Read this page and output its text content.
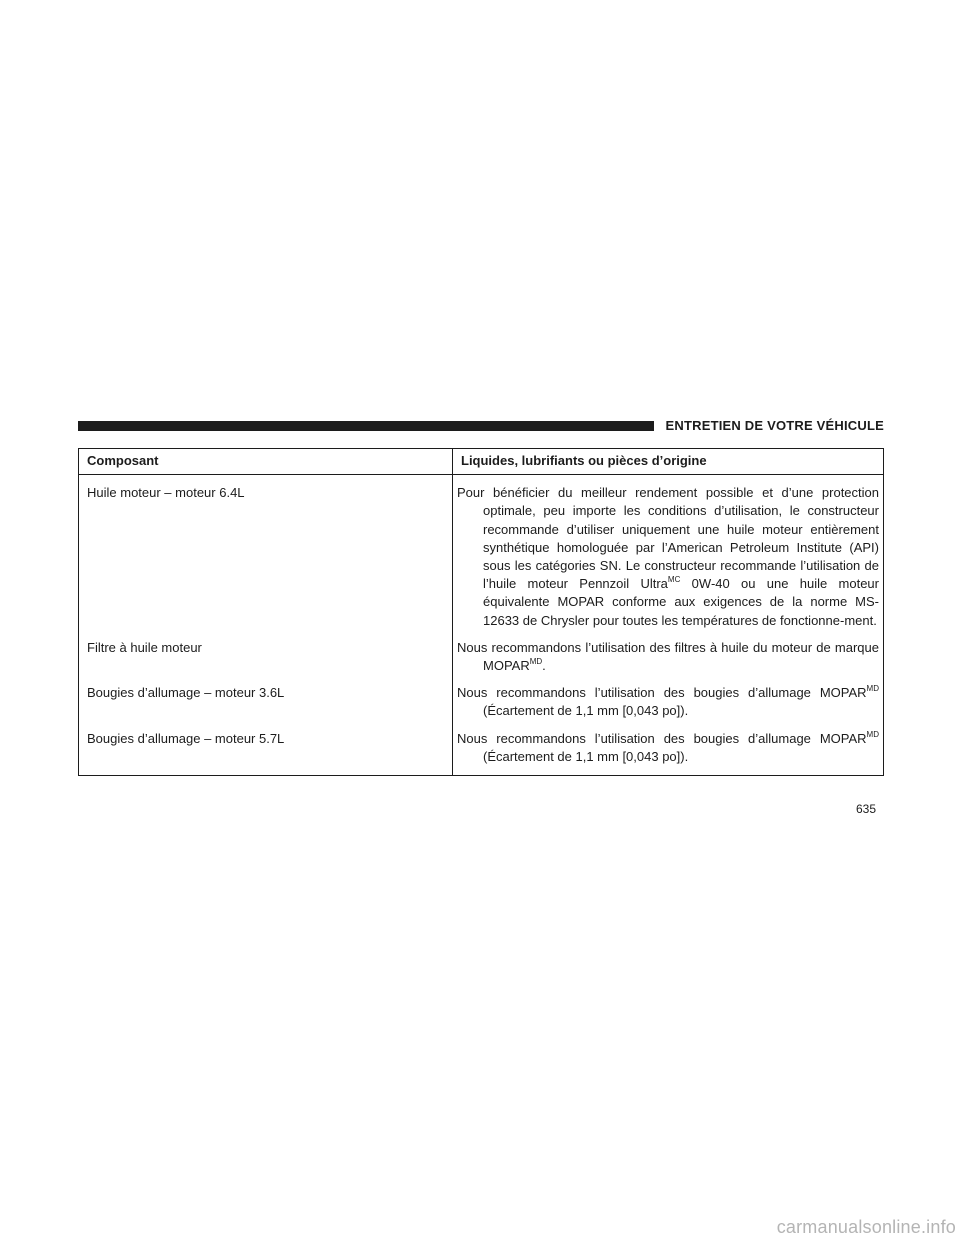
ENTRETIEN DE VOTRE VÉHICULE
Composant	Liquides, lubrifiants ou pièces d’origine
Huile moteur – moteur 6.4L	Pour bénéficier du meilleur rendement possible et d’une protection optimale, peu importe les conditions d’utilisation, le constructeur recommande d’utiliser uniquement une huile moteur entièrement synthétique homologuée par l’American Petroleum Institute (API) sous les catégories SN. Le constructeur recommande l’utilisation de l’huile moteur Pennzoil Ultra$^{MC}$ 0W-40 ou une huile moteur équivalente MOPAR conforme aux exigences de la norme MS-12633 de Chrysler pour toutes les températures de fonctionne-ment.
Filtre à huile moteur	Nous recommandons l’utilisation des filtres à huile du moteur de marque $MOPAR^{MD}$.
Bougies d’allumage – moteur 3.6L	Nous recommandons l’utilisation des bougies d’allumage $MOPAR^{MD}$ (Écartement de 1,1 mm [0,043 po]).
Bougies d’allumage – moteur 5.7L	Nous recommandons l’utilisation des bougies d’allumage $MOPAR^{MD}$ (Écartement de 1,1 mm [0,043 po]).
635
carmanualsonline.info
